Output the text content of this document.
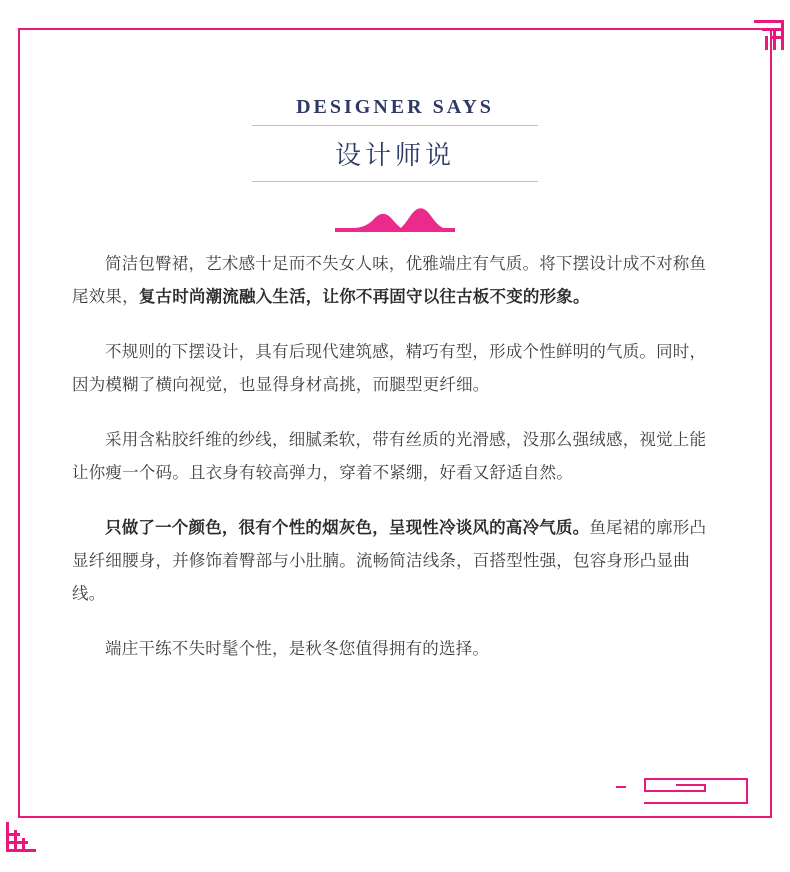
DESIGNER SAYS
设计师说

简洁包臀裙，艺术感十足而不失女人味，优雅端庄有气质。将下摆设计成不对称鱼尾效果，复古时尚潮流融入生活，让你不再固守以往古板不变的形象。

不规则的下摆设计，具有后现代建筑感，精巧有型，形成个性鲜明的气质。同时，因为模糊了横向视觉，也显得身材高挑，而腿型更纤细。

采用含粘胶纤维的纱线，细腻柔软，带有丝质的光滑感，没那么强绒感，视觉上能让你瘦一个码。且衣身有较高弹力，穿着不紧绷，好看又舒适自然。

只做了一个颜色，很有个性的烟灰色，呈现性冷谈风的高冷气质。鱼尾裙的廓形凸显纤细腰身，并修饰着臀部与小肚腩。流畅简洁线条，百搭型性强，包容身形凸显曲线。

端庄干练不失时髦个性，是秋冬您值得拥有的选择。
